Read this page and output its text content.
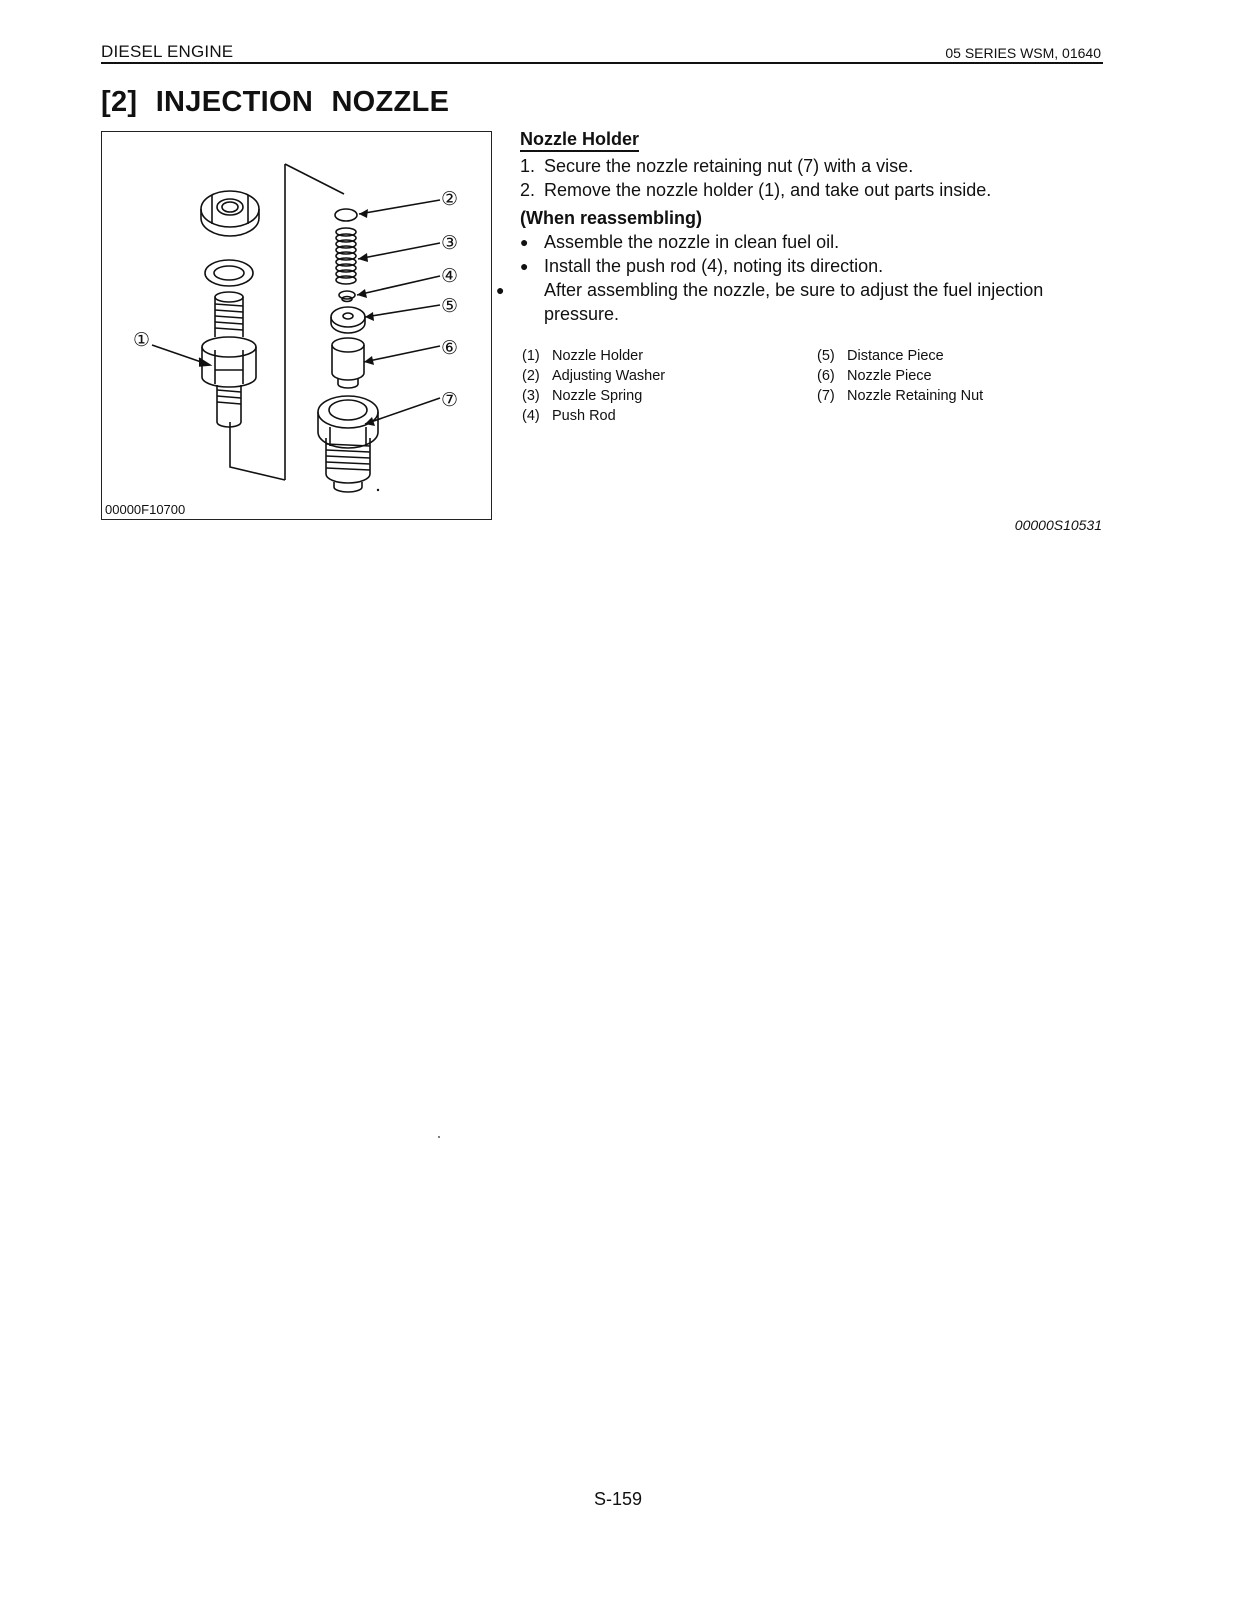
DIESEL ENGINE	05 SERIES WSM, 01640
[2] INJECTION NOZZLE
①
②
③
④
⑤
⑥
⑦
00000F10700
Nozzle Holder
1. Secure the nozzle retaining nut (7) with a vise.
2. Remove the nozzle holder (1), and take out parts inside.
(When reassembling)
● Assemble the nozzle in clean fuel oil.
● Install the push rod (4), noting its direction.
● After assembling the nozzle, be sure to adjust the fuel injection pressure.
(1) Nozzle Holder
(2) Adjusting Washer
(3) Nozzle Spring
(4) Push Rod
(5) Distance Piece
(6) Nozzle Piece
(7) Nozzle Retaining Nut
00000S10531
S-159
